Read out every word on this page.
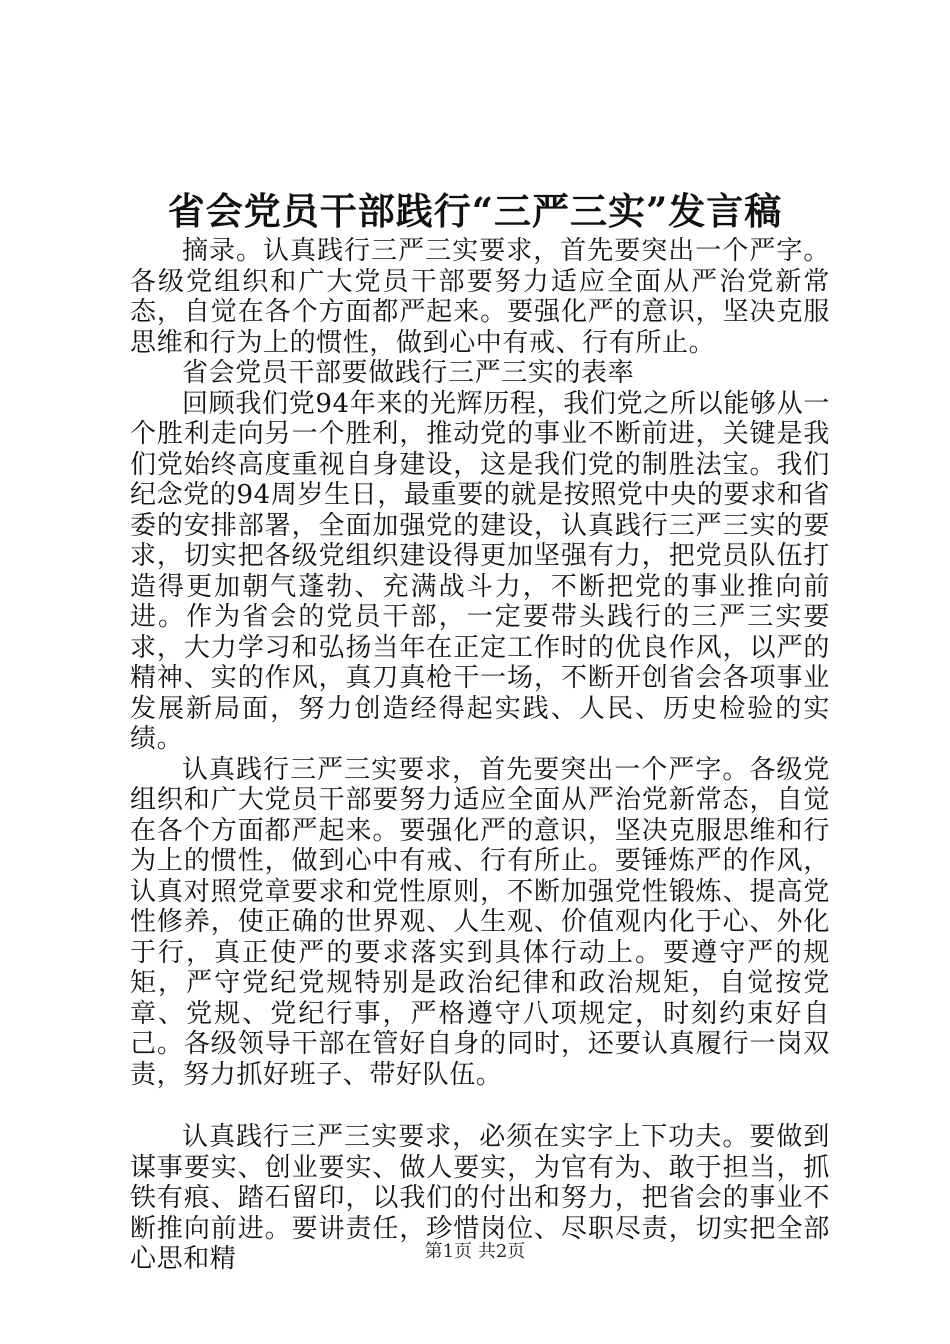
省会党员干部践行“三严三实”发言稿

摘录。认真践行三严三实要求，首先要突出一个严字。各级党组织和广大党员干部要努力适应全面从严治党新常态，自觉在各个方面都严起来。要强化严的意识，坚决克服思维和行为上的惯性，做到心中有戒、行有所止。

省会党员干部要做践行三严三实的表率

回顾我们党94年来的光辉历程，我们党之所以能够从一个胜利走向另一个胜利，推动党的事业不断前进，关键是我们党始终高度重视自身建设，这是我们党的制胜法宝。我们纪念党的94周岁生日，最重要的就是按照党中央的要求和省委的安排部署，全面加强党的建设，认真践行三严三实的要求，切实把各级党组织建设得更加坚强有力，把党员队伍打造得更加朝气蓬勃、充满战斗力，不断把党的事业推向前进。作为省会的党员干部，一定要带头践行的三严三实要求，大力学习和弘扬当年在正定工作时的优良作风，以严的精神、实的作风，真刀真枪干一场，不断开创省会各项事业发展新局面，努力创造经得起实践、人民、历史检验的实绩。

认真践行三严三实要求，首先要突出一个严字。各级党组织和广大党员干部要努力适应全面从严治党新常态，自觉在各个方面都严起来。要强化严的意识，坚决克服思维和行为上的惯性，做到心中有戒、行有所止。要锤炼严的作风，认真对照党章要求和党性原则，不断加强党性锻炼、提高党性修养，使正确的世界观、人生观、价值观内化于心、外化于行，真正使严的要求落实到具体行动上。要遵守严的规矩，严守党纪党规特别是政治纪律和政治规矩，自觉按党章、党规、党纪行事，严格遵守八项规定，时刻约束好自己。各级领导干部在管好自身的同时，还要认真履行一岗双责，努力抓好班子、带好队伍。

认真践行三严三实要求，必须在实字上下功夫。要做到谋事要实、创业要实、做人要实，为官有为、敢于担当，抓铁有痕、踏石留印，以我们的付出和努力，把省会的事业不断推向前进。要讲责任，珍惜岗位、尽职尽责，切实把全部心思和精	第1页 共2页
